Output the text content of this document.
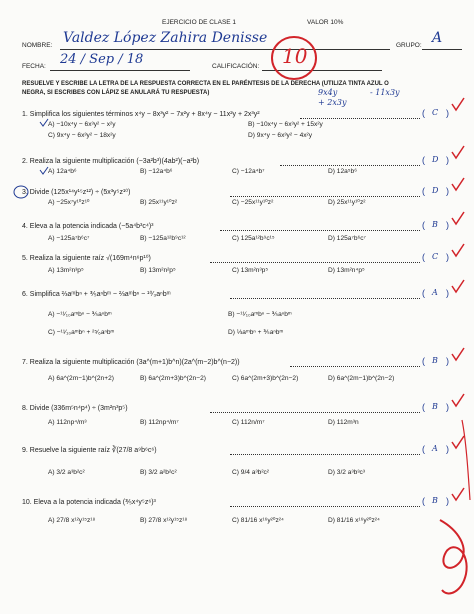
EJERCICIO DE CLASE 1	VALOR 10%
NOMBRE: Valdez López Zahira Denisse	GRUPO: A
FECHA: 24 / Sep / 18	CALIFICACIÓN: 10
RESUELVE Y ESCRIBE LA LETRA DE LA RESPUESTA CORRECTA EN EL PARÉNTESIS DE LA DERECHA (UTILIZA TINTA AZUL O
NEGRA, SI ESCRIBES CON LÁPIZ SE ANULARÁ TU RESPUESTA)	9x4y	- 11x3y
+ 2x3y
1. Simplifica los siguientes términos x⁴y − 8x³y² − 7x²y + 8x⁴y − 11x²y + 2x³y²	( C )
A) −10x⁴y − 6x³y² − x²y	B) −10x⁴y − 6x³y² + 15x²y
C) 9x⁴y − 6x³y² − 18x²y	D) 9x⁴y − 6x³y² − 4x²y
2. Realiza la siguiente multiplicación (−3a²b³)(4ab²)(−a²b)	( D )
A) 12a⁴b⁶	B) −12a⁴b⁶	C) −12a⁴b⁷	D) 12a⁵b⁶
3. Divide (125x¹⁴y¹⁵z¹²) ÷ (5x³y⁵z¹⁰)	( D )
A) −25x⁷y¹⁰z¹⁰	B) 25x¹¹y¹⁰z²	C) −25x¹¹y¹⁰z²	D) 25x¹¹y¹⁰z²
4. Eleva a la potencia indicada (−5a⁴b³c⁴)³	( B )
A) −125a⁷b⁶c⁷	B) −125a¹²b⁹c¹²	C) 125a¹²b⁹c¹⁵	D) 125a⁷b⁶c⁷
5. Realiza la siguiente raíz √(169m⁴n⁶p¹⁰)	( C )
A) 13m²n³p⁵	B) 13m²n²p⁵	C) 13m²n³p⁵	D) 13m²n⁴p⁵
6. Simplifica ⅔aᵐbⁿ + ⅗aⁿbᵐ − ⅔aᵐbⁿ − ¹⁰⁄₃aⁿbᵐ	( A )
A) −¹¹⁄₁₀aᵐbⁿ − ⅗aⁿbᵐ	B) −¹¹⁄₁₀aᵐbⁿ − ⅗aⁿbᵐ
C) −¹¹⁄₁₀aᵐbⁿ + ²⁵⁄₆aⁿbᵐ	D) ⅓aᵐbⁿ + ⅗aⁿbᵐ
7. Realiza la siguiente multiplicación (3a^(m+1)b^n)(2a^(m−2)b^(n−2))	( B )
A) 6a^(2m−1)b^(2n+2)	B) 6a^(2m+3)b^(2n−2)	C) 6a^(2m+3)b^(2n−2)	D) 6a^(2m−1)b^(2n−2)
8. Divide (336m⁵n⁴p⁴) ÷ (3m²n³p⁵)	( B )
A) 112np⁴/m³	B) 112np⁴/m⁷	C) 112n/m⁷	D) 112m³n
9. Resuelve la siguiente raíz ∛(27/8 a⁹b⁶c⁶)	( A )
A) 3/2 a³b²c²	B) 3/2 a²b²c²	C) 9/4 a³b²c²	D) 3/2 a³b³c³
10. Eleva a la potencia indicada (⅗x⁴y⁵z⁶)³	( B )
A) 27/8 x¹²y¹⁵z¹⁸	B) 27/8 x¹²y¹⁵z¹⁸	C) 81/16 x¹⁶y²⁰z²⁴	D) 81/16 x¹⁶y²⁰z²⁴
